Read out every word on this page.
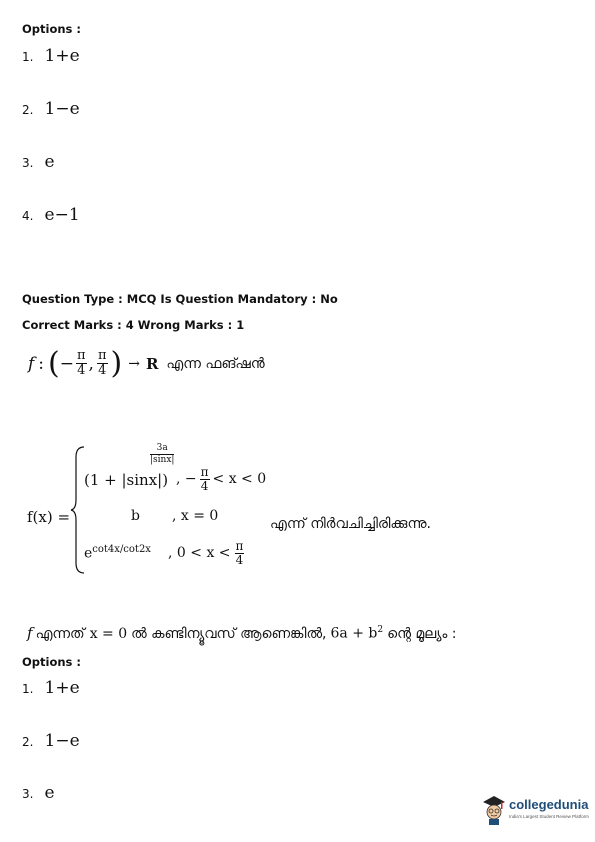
Options :
1. 1+e
2. 1−e
3. e
4. e−1
Question Type : MCQ Is Question Mandatory : No
Correct Marks : 4 Wrong Marks : 1
f : ( − $\frac{\pi}{4}$ , $\frac{\pi}{4}$ ) → R എന്ന ഫങ്ഷൻ
f(x) =
(1 + |sinx|)
$\frac{3a}{|\sin x|}$
, − $\frac{\pi}{4} < x < 0$
b , x = 0	എന്ന് നിർവചിച്ചിരിക്കുന്നു.
$e^{cot4x/cot2x}$ , $0 < x < \frac{\pi}{4}$
f എന്നത് x = 0 ൽ കണ്ടിന്യൂവസ് ആണെങ്കിൽ, $6a + b^2$ ന്റെ മൂല്യം :
Options :
1. 1+e
2. 1−e
3. e
collegedunia
India's Largest Student Review Platform
